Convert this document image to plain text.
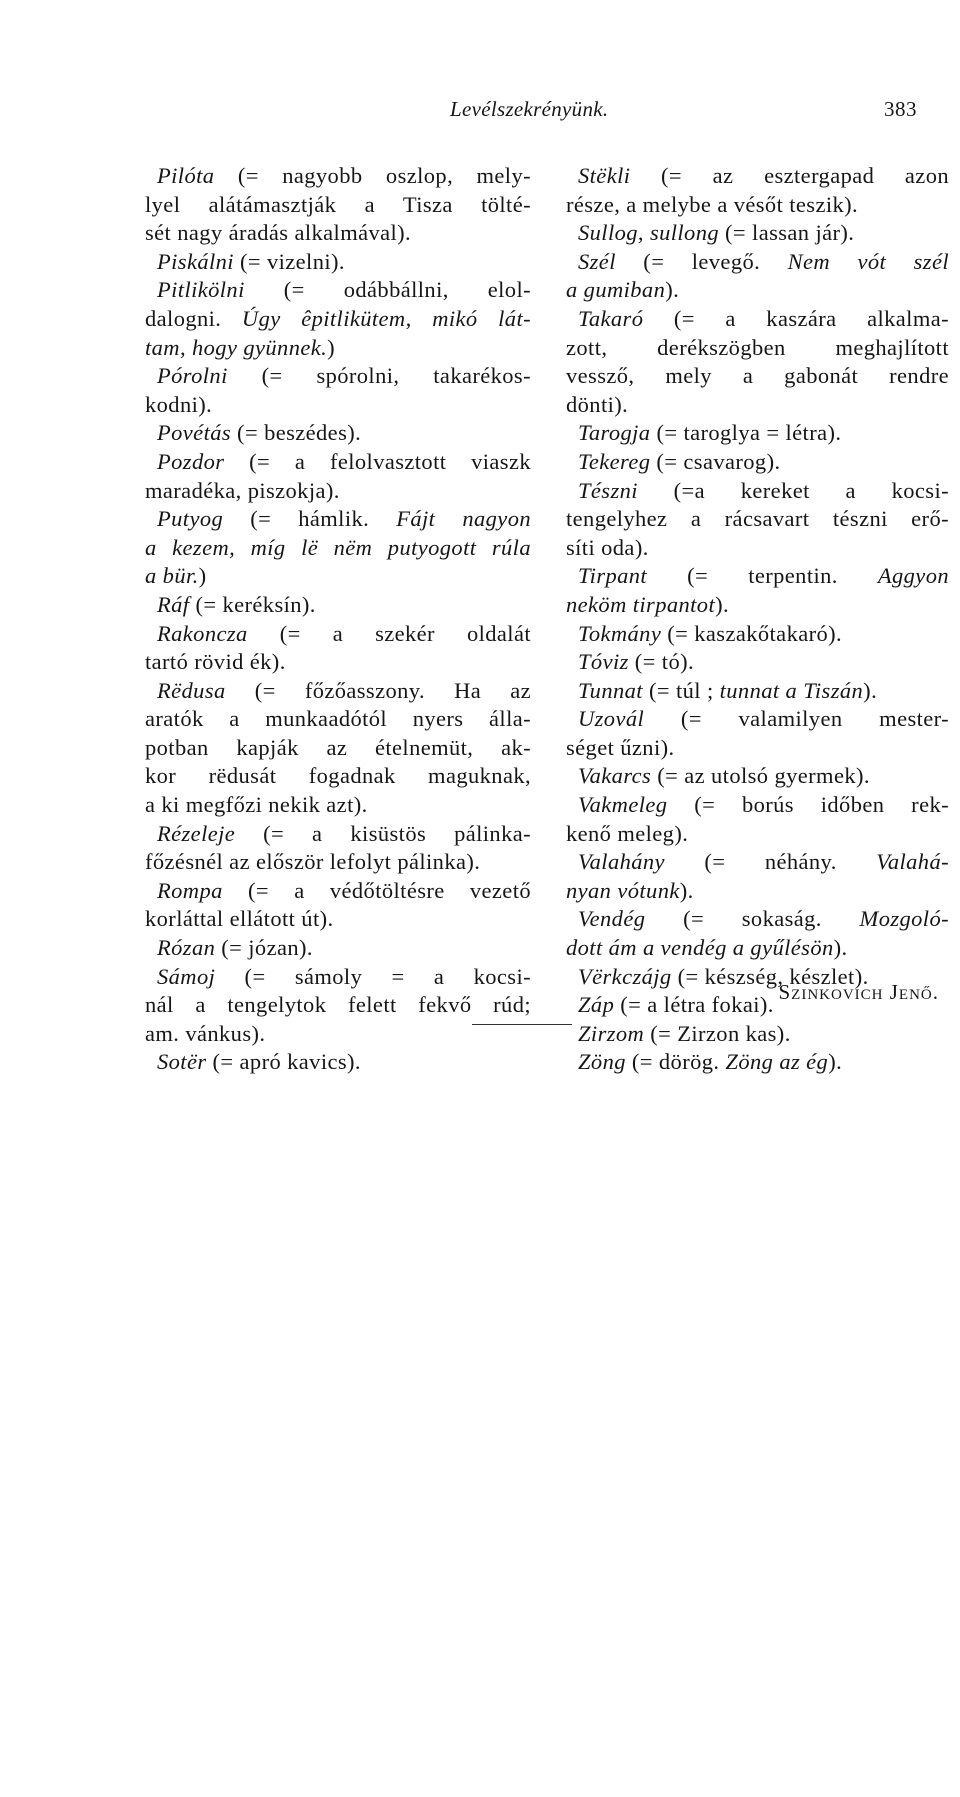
Levélszekrényünk.	383
Pilóta (= nagyobb oszlop, mely-
lyel alátámasztják a Tisza tölté-
sét nagy áradás alkalmával).
Piskálni (= vizelni).
Pitlikölni (= odábbállni, elol-
dalogni. Úgy êpitlikütem, mikó lát-
tam, hogy gyünnek.)
Pórolni (= spórolni, takarékos-
kodni).
Povétás (= beszédes).
Pozdor (= a felolvasztott viaszk
maradéka, piszokja).
Putyog (= hámlik. Fájt nagyon
a kezem, míg lë nëm putyogott rúla
a bür.)
Ráf (= keréksín).
Rakoncza (= a szekér oldalát
tartó rövid ék).
Rëdusa (= főzőasszony. Ha az
aratók a munkaadótól nyers álla-
potban kapják az ételnemüt, ak-
kor rëdusát fogadnak maguknak,
a ki megfőzi nekik azt).
Rézeleje (= a kisüstös pálinka-
főzésnél az először lefolyt pálinka).
Rompa (= a védőtöltésre vezető
korláttal ellátott út).
Rózan (= józan).
Sámoj (= sámoly = a kocsi-
nál a tengelytok felett fekvő rúd;
am. vánkus).
Sotër (= apró kavics).
Stëkli (= az esztergapad azon
része, a melybe a vésőt teszik).
Sullog, sullong (= lassan jár).
Szél (= levegő. Nem vót szél
a gumiban).
Takaró (= a kaszára alkalma-
zott, derékszögben meghajlított
vessző, mely a gabonát rendre
dönti).
Tarogja (= taroglya = létra).
Tekereg (= csavarog).
Tészni (=a kereket a kocsi-
tengelyhez a rácsavart tészni erő-
síti oda).
Tirpant (= terpentin. Aggyon
neköm tirpantot).
Tokmány (= kaszakőtakaró).
Tóviz (= tó).
Tunnat (= túl ; tunnat a Tiszán).
Uzovál (= valamilyen mester-
séget űzni).
Vakarcs (= az utolsó gyermek).
Vakmeleg (= borús időben rek-
kenő meleg).
Valahány (= néhány. Valahá-
nyan vótunk).
Vendég (= sokaság. Mozgoló-
dott ám a vendég a gyűlésön).
Vërkczájg (= készség, készlet).
Záp (= a létra fokai).
Zirzom (= Zirzon kas).
Zöng (= dörög. Zöng az ég).
Szinkovich Jenő.
